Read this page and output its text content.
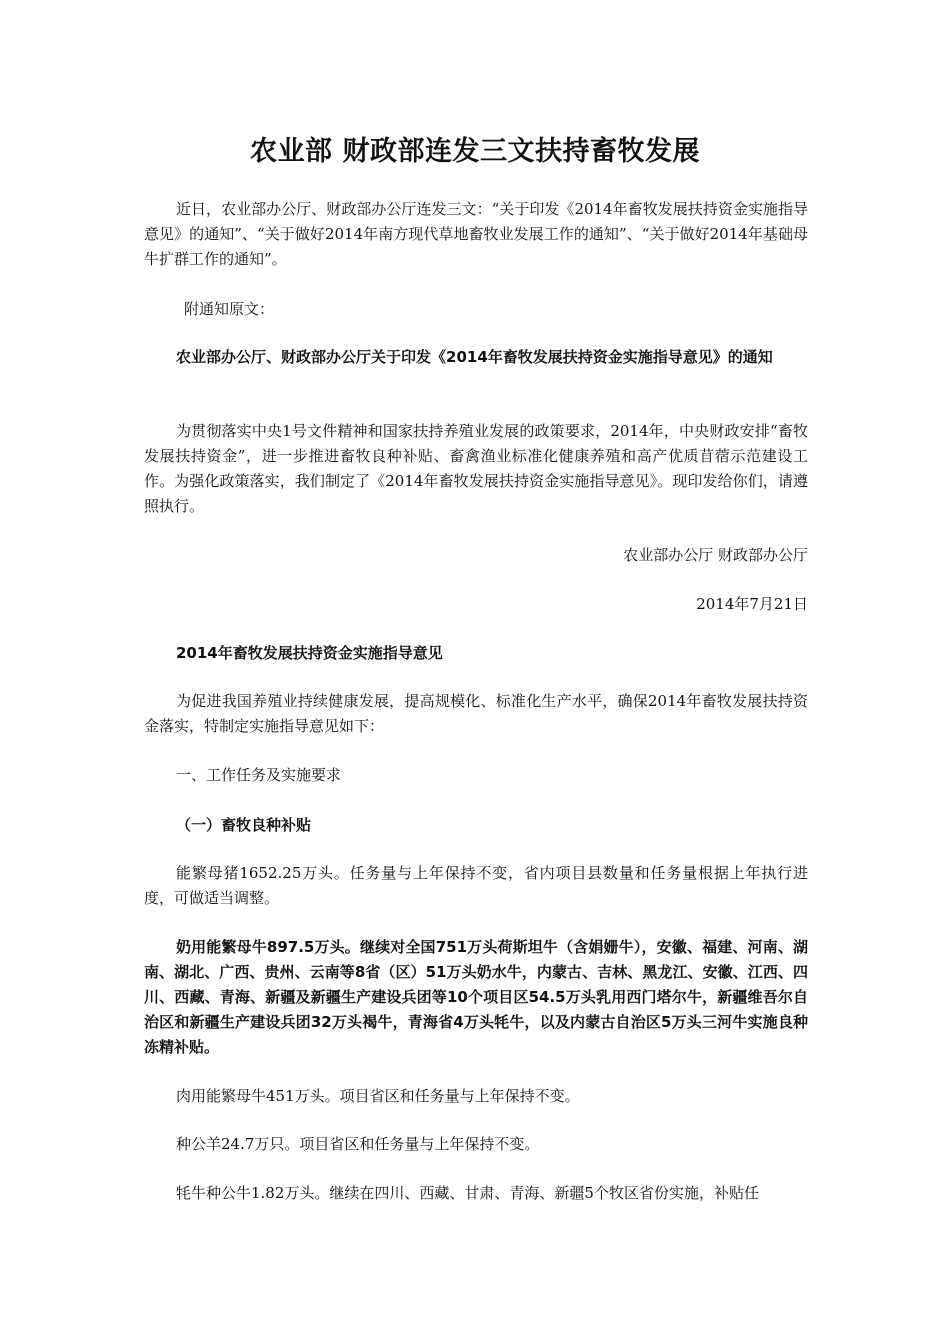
农业部 财政部连发三文扶持畜牧发展

近日，农业部办公厅、财政部办公厅连发三文：“关于印发《2014年畜牧发展扶持资金实施指导意见》的通知”、“关于做好2014年南方现代草地畜牧业发展工作的通知”、“关于做好2014年基础母牛扩群工作的通知”。

附通知原文：

农业部办公厅、财政部办公厅关于印发《2014年畜牧发展扶持资金实施指导意见》的通知

为贯彻落实中央1号文件精神和国家扶持养殖业发展的政策要求，2014年，中央财政安排“畜牧发展扶持资金”，进一步推进畜牧良种补贴、畜禽渔业标准化健康养殖和高产优质苜蓿示范建设工作。为强化政策落实，我们制定了《2014年畜牧发展扶持资金实施指导意见》。现印发给你们，请遵照执行。

农业部办公厅 财政部办公厅

2014年7月21日

2014年畜牧发展扶持资金实施指导意见

为促进我国养殖业持续健康发展，提高规模化、标准化生产水平，确保2014年畜牧发展扶持资金落实，特制定实施指导意见如下：

一、工作任务及实施要求

（一）畜牧良种补贴

能繁母猪1652.25万头。任务量与上年保持不变，省内项目县数量和任务量根据上年执行进度，可做适当调整。

奶用能繁母牛897.5万头。继续对全国751万头荷斯坦牛（含娟姗牛），安徽、福建、河南、湖南、湖北、广西、贵州、云南等8省（区）51万头奶水牛，内蒙古、吉林、黑龙江、安徽、江西、四川、西藏、青海、新疆及新疆生产建设兵团等10个项目区54.5万头乳用西门塔尔牛，新疆维吾尔自治区和新疆生产建设兵团32万头褐牛，青海省4万头牦牛，以及内蒙古自治区5万头三河牛实施良种冻精补贴。

肉用能繁母牛451万头。项目省区和任务量与上年保持不变。

种公羊24.7万只。项目省区和任务量与上年保持不变。

牦牛种公牛1.82万头。继续在四川、西藏、甘肃、青海、新疆5个牧区省份实施，补贴任
